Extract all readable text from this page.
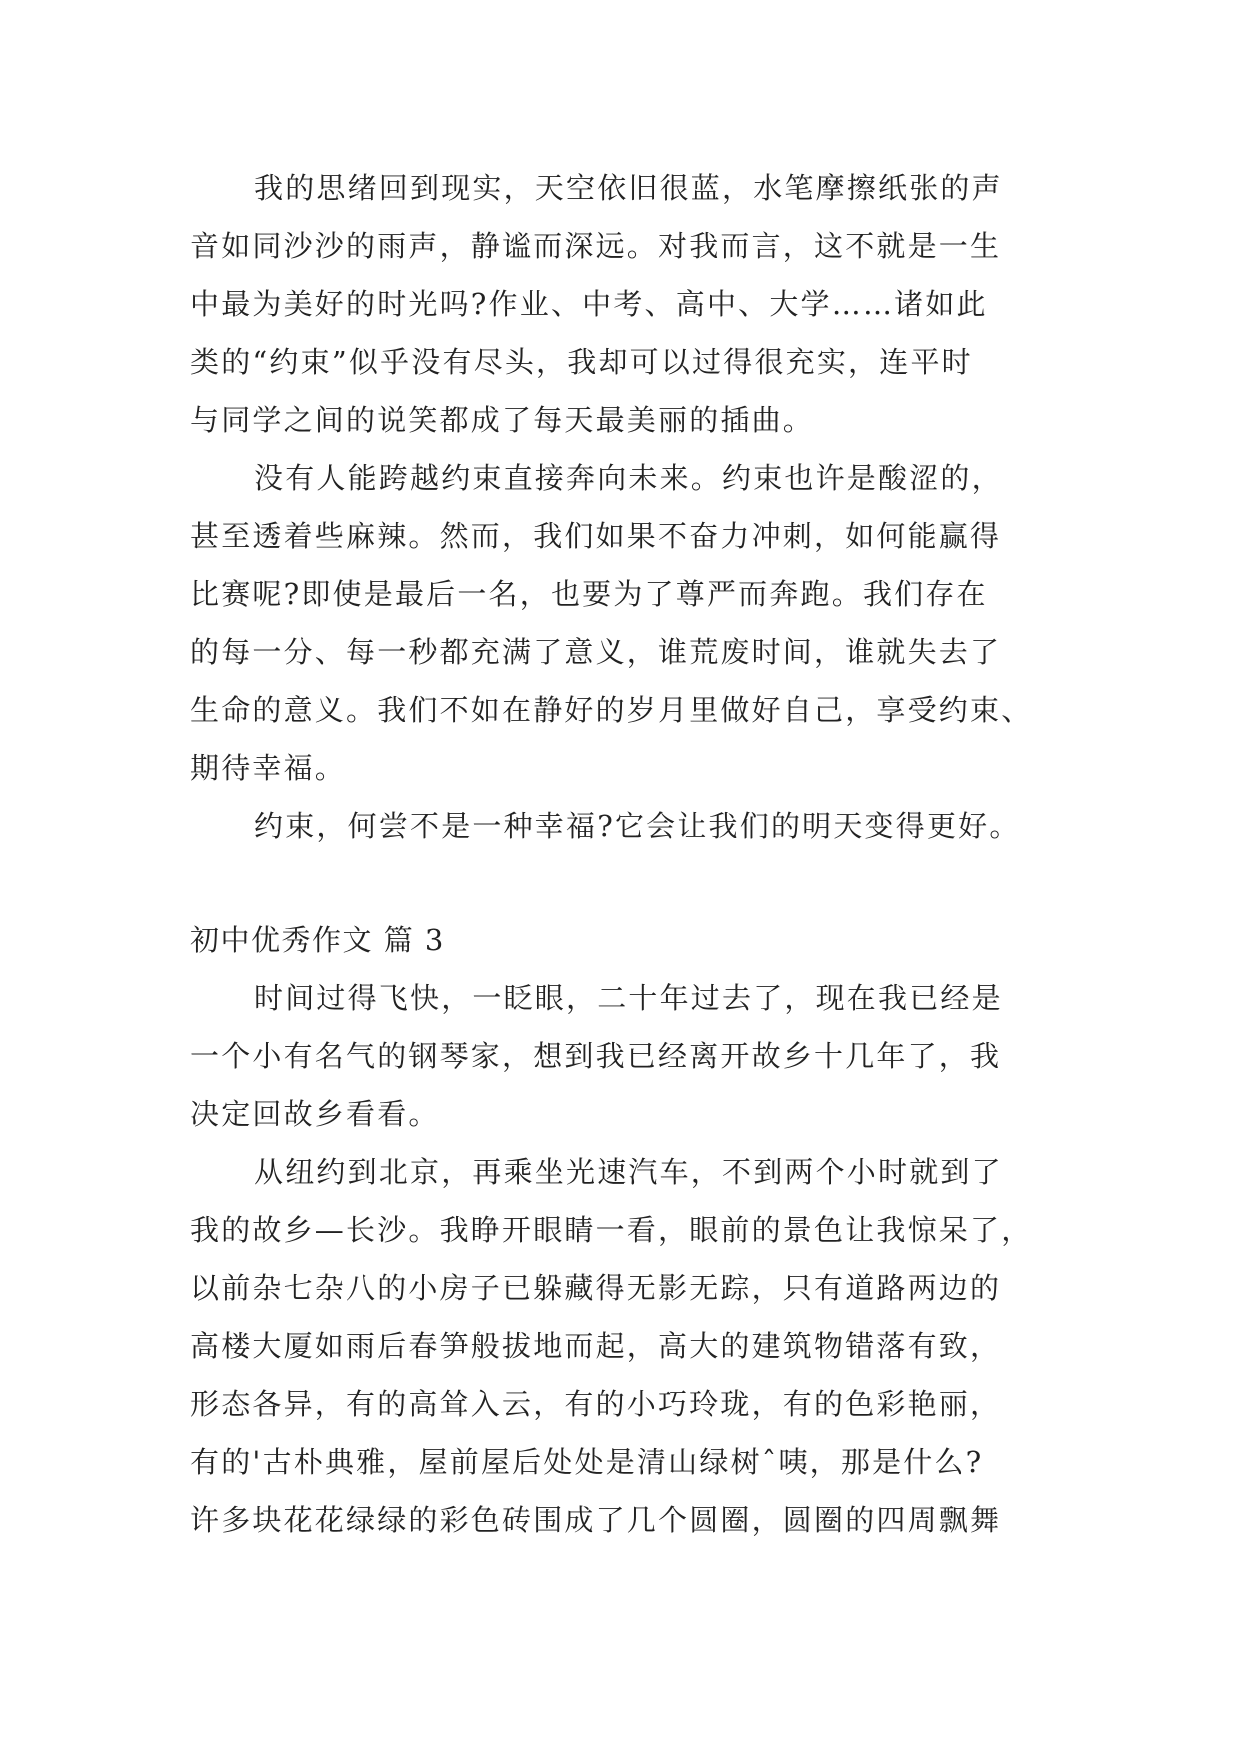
我的思绪回到现实，天空依旧很蓝，水笔摩擦纸张的声
音如同沙沙的雨声，静谧而深远。对我而言，这不就是一生
中最为美好的时光吗?作业、中考、高中、大学……诸如此
类的“约束”似乎没有尽头，我却可以过得很充实，连平时
与同学之间的说笑都成了每天最美丽的插曲。
没有人能跨越约束直接奔向未来。约束也许是酸涩的，
甚至透着些麻辣。然而，我们如果不奋力冲刺，如何能赢得
比赛呢?即使是最后一名，也要为了尊严而奔跑。我们存在
的每一分、每一秒都充满了意义，谁荒废时间，谁就失去了
生命的意义。我们不如在静好的岁月里做好自己，享受约束、
期待幸福。
约束，何尝不是一种幸福?它会让我们的明天变得更好。
初中优秀作文 篇 3
时间过得飞快，一眨眼，二十年过去了，现在我已经是
一个小有名气的钢琴家，想到我已经离开故乡十几年了，我
决定回故乡看看。
从纽约到北京，再乘坐光速汽车，不到两个小时就到了
我的故乡—长沙。我睁开眼睛一看，眼前的景色让我惊呆了，
以前杂七杂八的小房子已躲藏得无影无踪，只有道路两边的
高楼大厦如雨后春笋般拔地而起，高大的建筑物错落有致，
形态各异，有的高耸入云，有的小巧玲珑，有的色彩艳丽，
有的'古朴典雅，屋前屋后处处是清山绿树ˆ咦，那是什么?
许多块花花绿绿的彩色砖围成了几个圆圈，圆圈的四周飘舞
